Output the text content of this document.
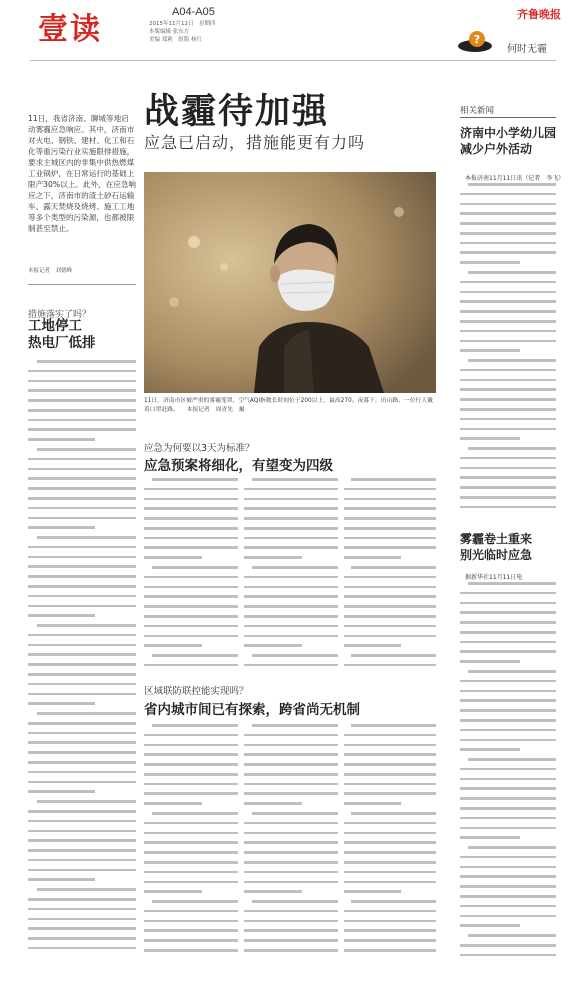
壹读	A04-A05
2015年11月12日　星期四
本版编辑 张东方
美编 郑莉　组版 杨红
齐鲁晚报
?
何时无霾
战霾待加强
应急已启动，措施能更有力吗
11日，济南市区被严重的雾霾笼罩，空气AQI指数长时间位于200以上，最高270。夜幕下，历山路，一位行人戴着口罩赶路。 本报记者　周青先　摄
11日，我省济南、聊城等地启动雾霾应急响应。其中，济南市对火电、钢铁、建材、化工和石化等重污染行业实施限排措施，要求主城区内的非集中供热燃煤工业锅炉，在日常运行的基础上限产30%以上。此外，在应急响应之下，济南市的渣土砂石运输车、露天焚烧及烧烤、施工工地等多个类型的污染源，也都被限制甚至禁止。
本报记者　刘德峰
措施落实了吗？
工地停工
热电厂低排
应急为何要以3天为标准？
应急预案将细化，有望变为四级
区域联防联控能实现吗？
省内城市间已有探索，跨省尚无机制
相关新闻
济南中小学幼儿园
减少户外活动
本报济南11月11日讯（记者　李飞）
雾霾卷土重来
别光临时应急
据新华社11月11日电
